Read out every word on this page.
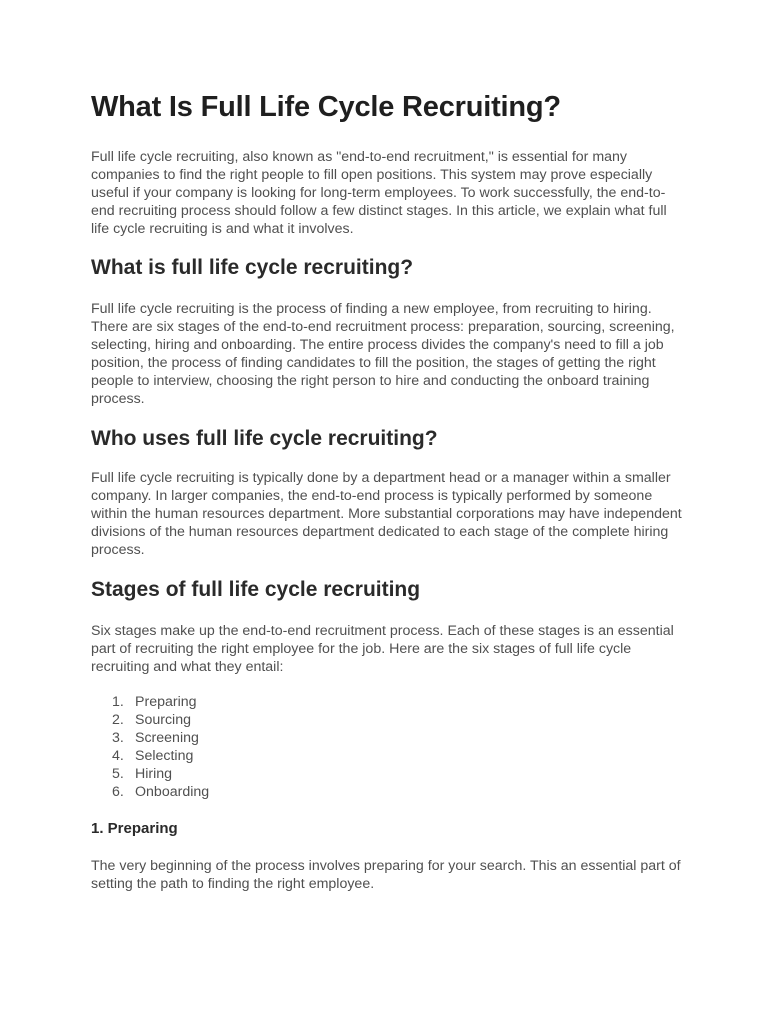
What Is Full Life Cycle Recruiting?

Full life cycle recruiting, also known as "end-to-end recruitment," is essential for many companies to find the right people to fill open positions. This system may prove especially useful if your company is looking for long-term employees. To work successfully, the end-to-end recruiting process should follow a few distinct stages. In this article, we explain what full life cycle recruiting is and what it involves.

What is full life cycle recruiting?

Full life cycle recruiting is the process of finding a new employee, from recruiting to hiring. There are six stages of the end-to-end recruitment process: preparation, sourcing, screening, selecting, hiring and onboarding. The entire process divides the company's need to fill a job position, the process of finding candidates to fill the position, the stages of getting the right people to interview, choosing the right person to hire and conducting the onboard training process.

Who uses full life cycle recruiting?

Full life cycle recruiting is typically done by a department head or a manager within a smaller company. In larger companies, the end-to-end process is typically performed by someone within the human resources department. More substantial corporations may have independent divisions of the human resources department dedicated to each stage of the complete hiring process.

Stages of full life cycle recruiting

Six stages make up the end-to-end recruitment process. Each of these stages is an essential part of recruiting the right employee for the job. Here are the six stages of full life cycle recruiting and what they entail:

1. Preparing
2. Sourcing
3. Screening
4. Selecting
5. Hiring
6. Onboarding
1. Preparing

The very beginning of the process involves preparing for your search. This an essential part of setting the path to finding the right employee.
